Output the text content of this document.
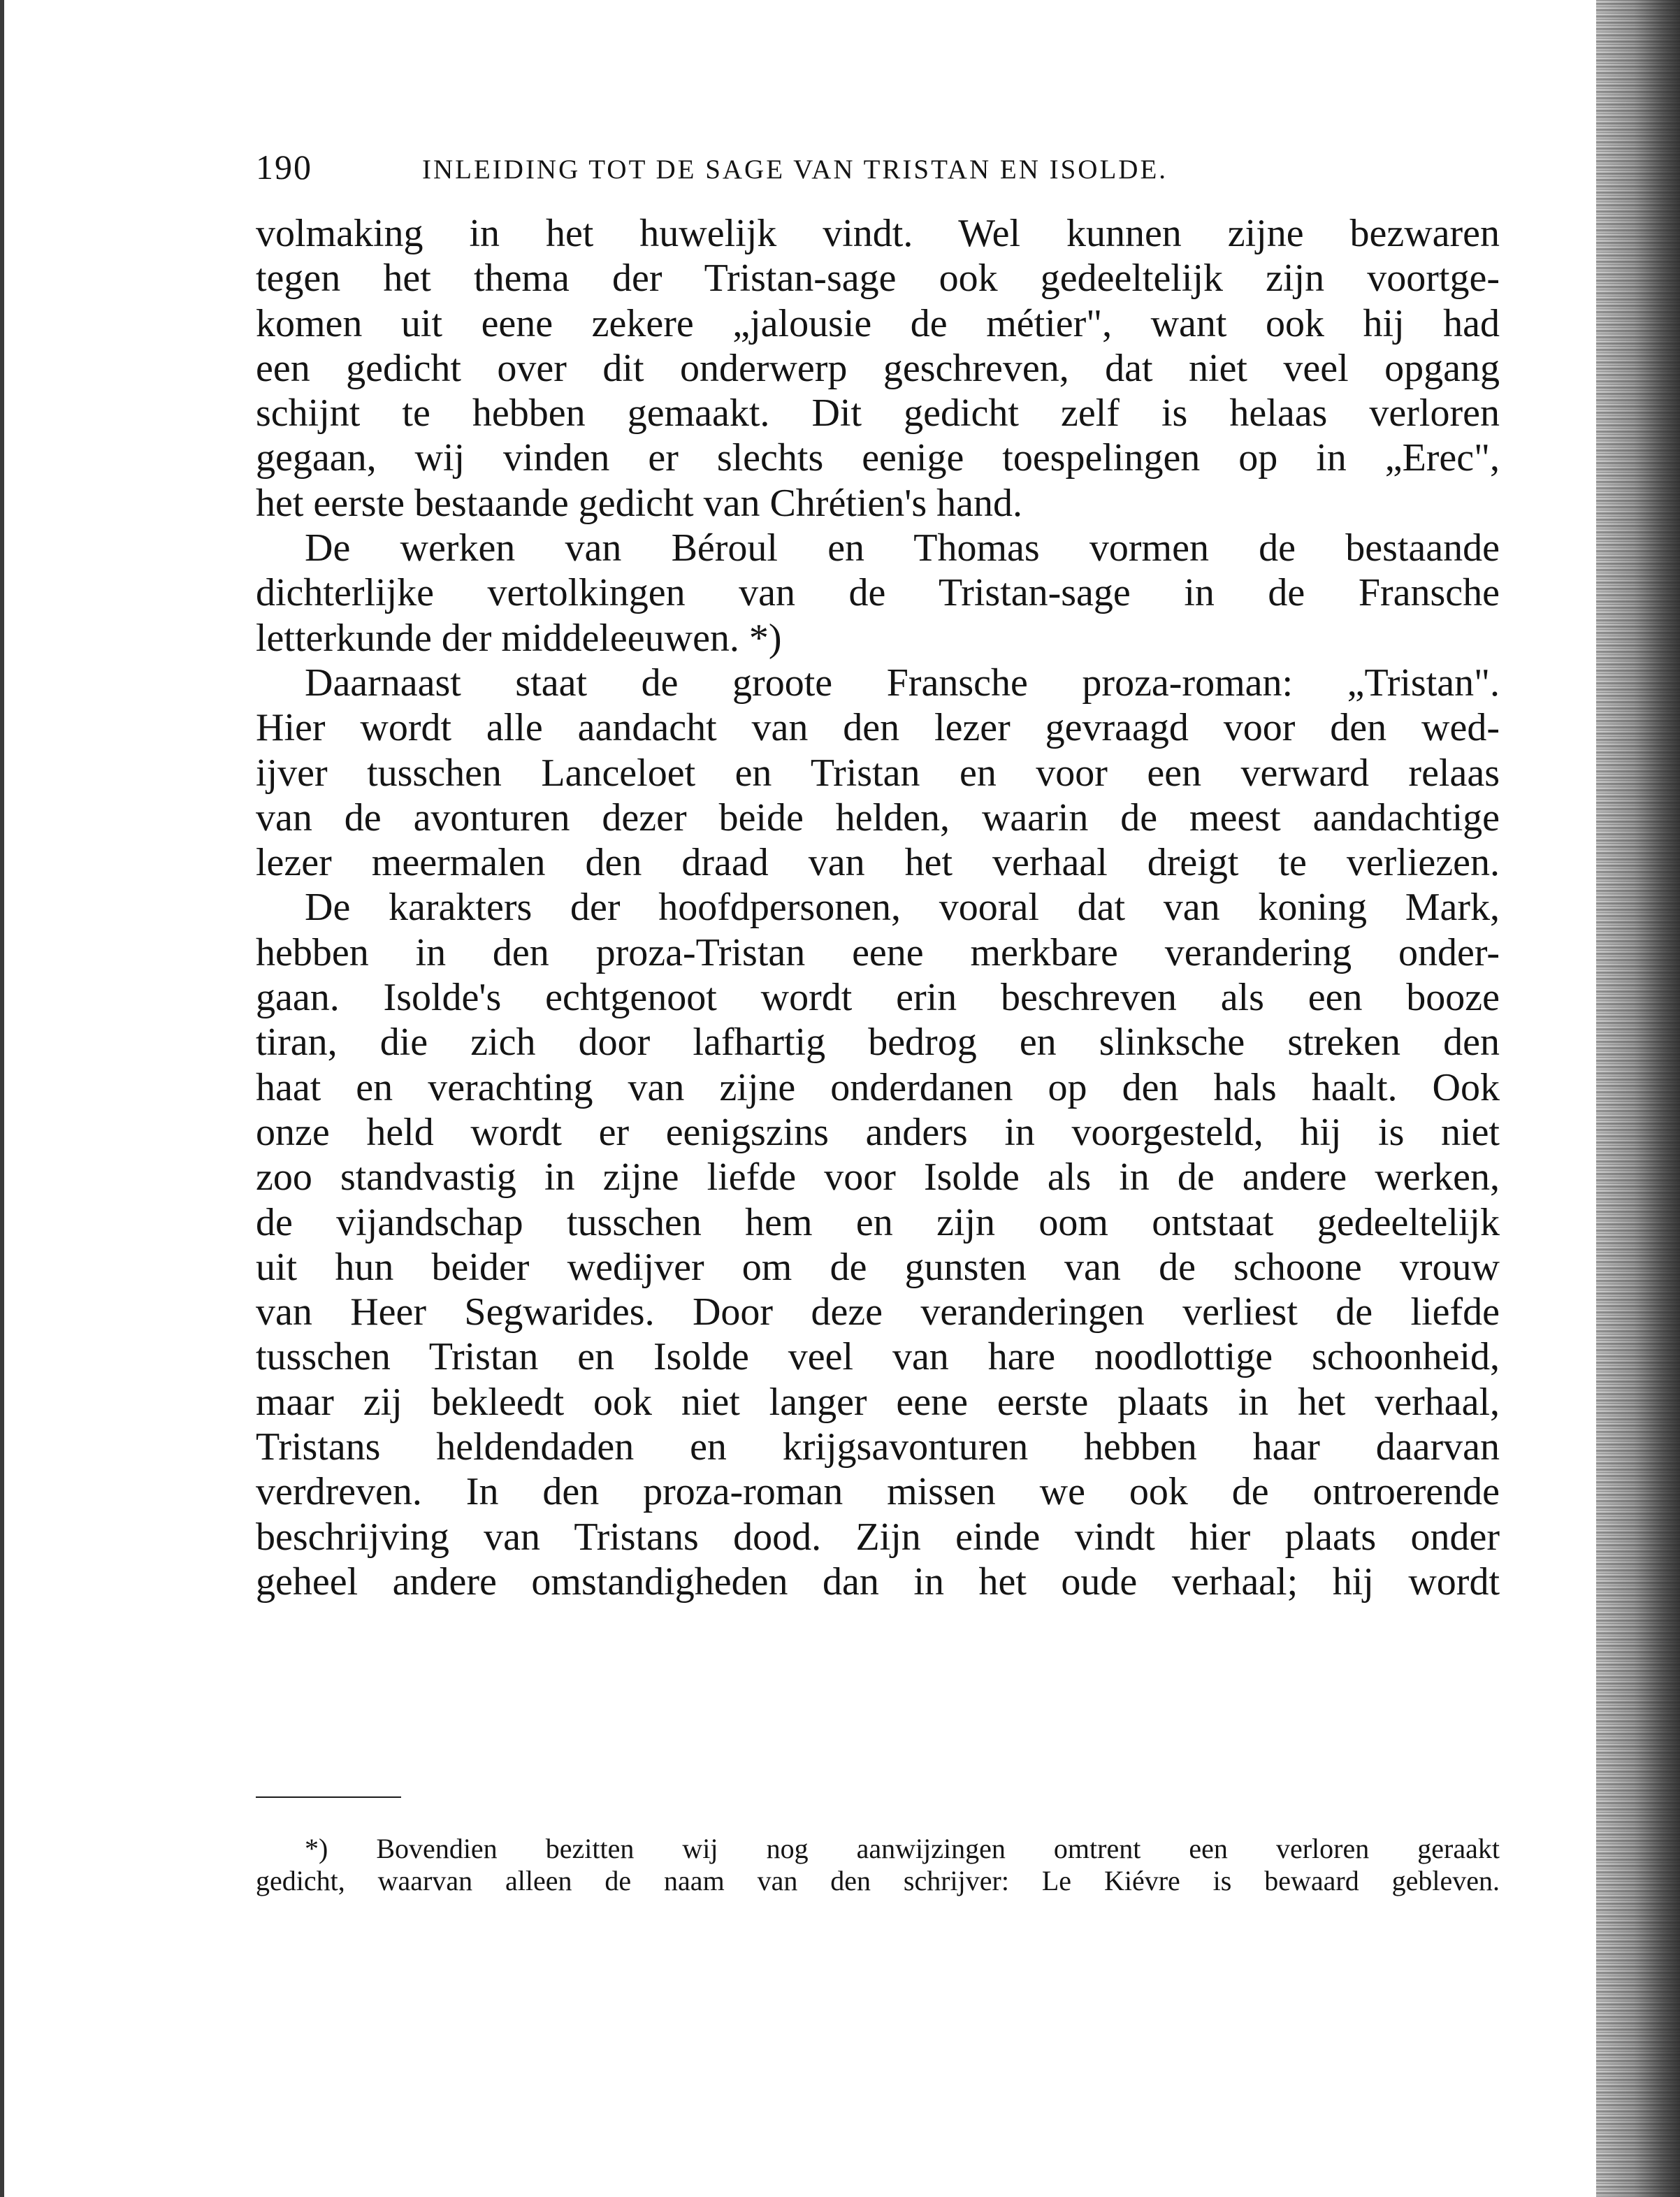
190	INLEIDING TOT DE SAGE VAN TRISTAN EN ISOLDE.
volmaking in het huwelijk vindt. Wel kunnen zijne bezwaren
tegen het thema der Tristan-sage ook gedeeltelijk zijn voortge-
komen uit eene zekere „jalousie de métier", want ook hij had
een gedicht over dit onderwerp geschreven, dat niet veel opgang
schijnt te hebben gemaakt. Dit gedicht zelf is helaas verloren
gegaan, wij vinden er slechts eenige toespelingen op in „Erec",
het eerste bestaande gedicht van Chrétien's hand.
De werken van Béroul en Thomas vormen de bestaande
dichterlijke vertolkingen van de Tristan-sage in de Fransche
letterkunde der middeleeuwen. *)
Daarnaast staat de groote Fransche proza-roman: „Tristan".
Hier wordt alle aandacht van den lezer gevraagd voor den wed-
ijver tusschen Lanceloet en Tristan en voor een verward relaas
van de avonturen dezer beide helden, waarin de meest aandachtige
lezer meermalen den draad van het verhaal dreigt te verliezen.
De karakters der hoofdpersonen, vooral dat van koning Mark,
hebben in den proza-Tristan eene merkbare verandering onder-
gaan. Isolde's echtgenoot wordt erin beschreven als een booze
tiran, die zich door lafhartig bedrog en slinksche streken den
haat en verachting van zijne onderdanen op den hals haalt. Ook
onze held wordt er eenigszins anders in voorgesteld, hij is niet
zoo standvastig in zijne liefde voor Isolde als in de andere werken,
de vijandschap tusschen hem en zijn oom ontstaat gedeeltelijk
uit hun beider wedijver om de gunsten van de schoone vrouw
van Heer Segwarides. Door deze veranderingen verliest de liefde
tusschen Tristan en Isolde veel van hare noodlottige schoonheid,
maar zij bekleedt ook niet langer eene eerste plaats in het verhaal,
Tristans heldendaden en krijgsavonturen hebben haar daarvan
verdreven. In den proza-roman missen we ook de ontroerende
beschrijving van Tristans dood. Zijn einde vindt hier plaats onder
geheel andere omstandigheden dan in het oude verhaal; hij wordt
*) Bovendien bezitten wij nog aanwijzingen omtrent een verloren geraakt
gedicht, waarvan alleen de naam van den schrijver: Le Kiévre is bewaard gebleven.
